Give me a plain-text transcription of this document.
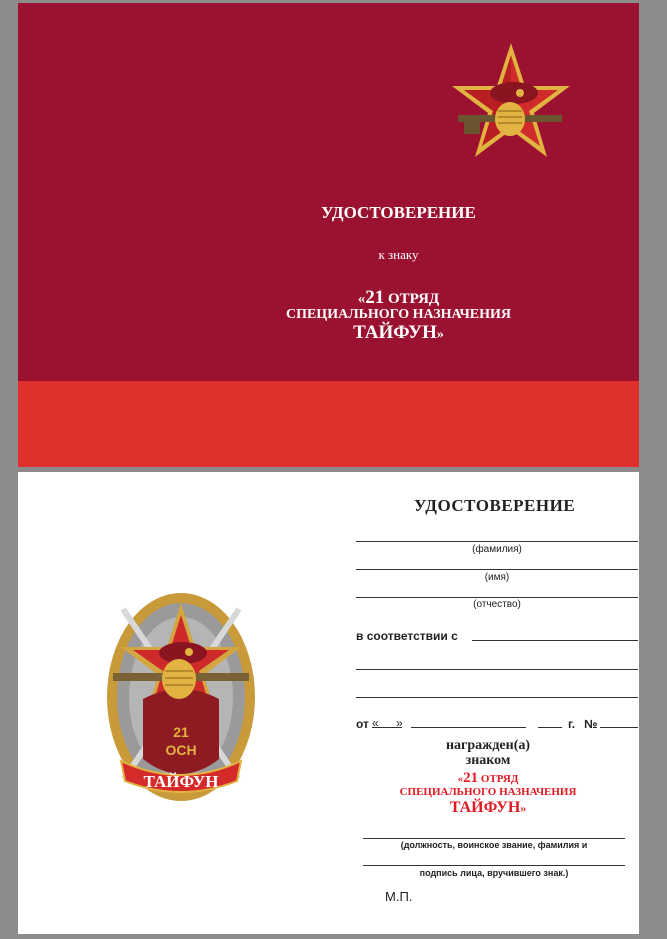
УДОСТОВЕРЕНИЕ
к знаку
«21 ОТРЯД
СПЕЦИАЛЬНОГО НАЗНАЧЕНИЯ
ТАЙФУН»
21
ОСН
ТАЙФУН
УДОСТОВЕРЕНИЕ
(фамилия)
(имя)
(отчество)
в соответствии с
от « »	г. №
награжден(а)
знаком
«21 ОТРЯД
СПЕЦИАЛЬНОГО НАЗНАЧЕНИЯ
ТАЙФУН»
(должность, воинское звание, фамилия и
подпись лица, вручившего знак.)
М.П.
